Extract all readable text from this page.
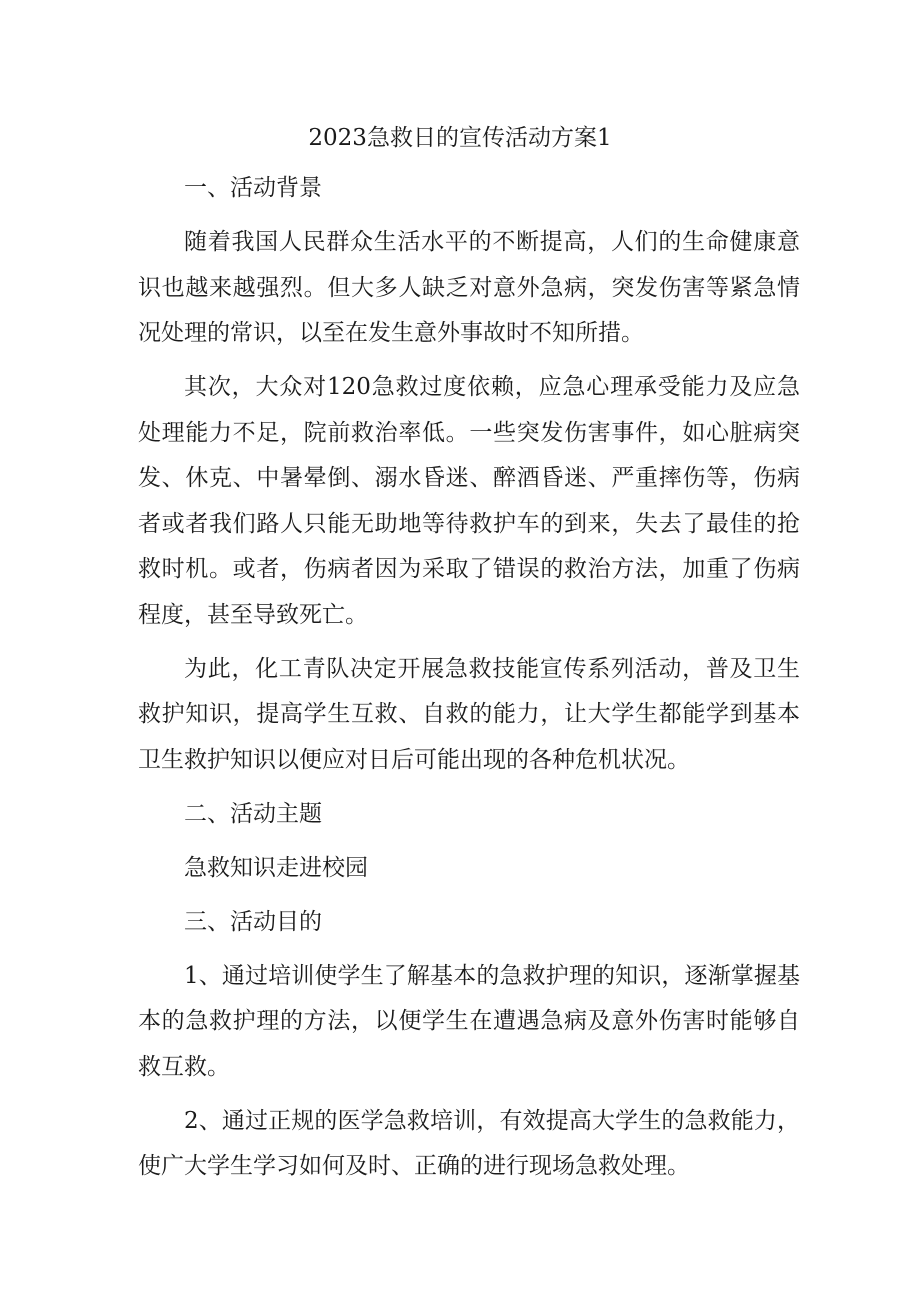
2023急救日的宣传活动方案1

一、活动背景

随着我国人民群众生活水平的不断提高，人们的生命健康意识也越来越强烈。但大多人缺乏对意外急病，突发伤害等紧急情况处理的常识，以至在发生意外事故时不知所措。

其次，大众对120急救过度依赖，应急心理承受能力及应急处理能力不足，院前救治率低。一些突发伤害事件，如心脏病突发、休克、中暑晕倒、溺水昏迷、醉酒昏迷、严重摔伤等，伤病者或者我们路人只能无助地等待救护车的到来，失去了最佳的抢救时机。或者，伤病者因为采取了错误的救治方法，加重了伤病程度，甚至导致死亡。

为此，化工青队决定开展急救技能宣传系列活动，普及卫生救护知识，提高学生互救、自救的能力，让大学生都能学到基本卫生救护知识以便应对日后可能出现的各种危机状况。

二、活动主题

急救知识走进校园

三、活动目的

1、通过培训使学生了解基本的急救护理的知识，逐渐掌握基本的急救护理的方法，以便学生在遭遇急病及意外伤害时能够自救互救。

2、通过正规的医学急救培训，有效提高大学生的急救能力，使广大学生学习如何及时、正确的进行现场急救处理。
